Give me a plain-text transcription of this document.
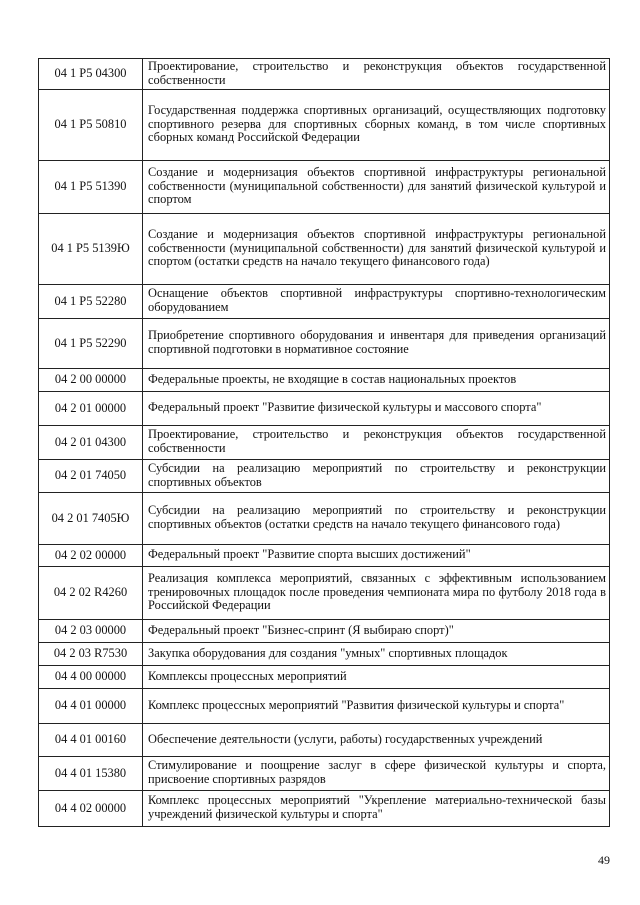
04 1 P5 04300	Проектирование, строительство и реконструкция объектов государственной собственности
04 1 P5 50810	Государственная поддержка спортивных организаций, осуществляющих подготовку спортивного резерва для спортивных сборных команд, в том числе спортивных сборных команд Российской Федерации
04 1 P5 51390	Создание и модернизация объектов спортивной инфраструктуры региональной собственности (муниципальной собственности) для занятий физической культурой и спортом
04 1 P5 5139Ю	Создание и модернизация объектов спортивной инфраструктуры региональной собственности (муниципальной собственности) для занятий физической культурой и спортом (остатки средств на начало текущего финансового года)
04 1 P5 52280	Оснащение объектов спортивной инфраструктуры спортивно-технологическим оборудованием
04 1 P5 52290	Приобретение спортивного оборудования и инвентаря для приведения организаций спортивной подготовки в нормативное состояние
04 2 00 00000	Федеральные проекты, не входящие в состав национальных проектов
04 2 01 00000	Федеральный проект "Развитие физической культуры и массового спорта"
04 2 01 04300	Проектирование, строительство и реконструкция объектов государственной собственности
04 2 01 74050	Субсидии на реализацию мероприятий по строительству и реконструкции спортивных объектов
04 2 01 7405Ю	Субсидии на реализацию мероприятий по строительству и реконструкции спортивных объектов (остатки средств на начало текущего финансового года)
04 2 02 00000	Федеральный проект "Развитие спорта высших достижений"
04 2 02 R4260	Реализация комплекса мероприятий, связанных с эффективным использованием тренировочных площадок после проведения чемпионата мира по футболу 2018 года в Российской Федерации
04 2 03 00000	Федеральный проект "Бизнес-спринт (Я выбираю спорт)"
04 2 03 R7530	Закупка оборудования для создания "умных" спортивных площадок
04 4 00 00000	Комплексы процессных мероприятий
04 4 01 00000	Комплекс процессных мероприятий "Развития физической культуры и спорта"
04 4 01 00160	Обеспечение деятельности (услуги, работы) государственных учреждений
04 4 01 15380	Стимулирование и поощрение заслуг в сфере физической культуры и спорта, присвоение спортивных разрядов
04 4 02 00000	Комплекс процессных мероприятий "Укрепление материально-технической базы учреждений физической культуры и спорта"
49
